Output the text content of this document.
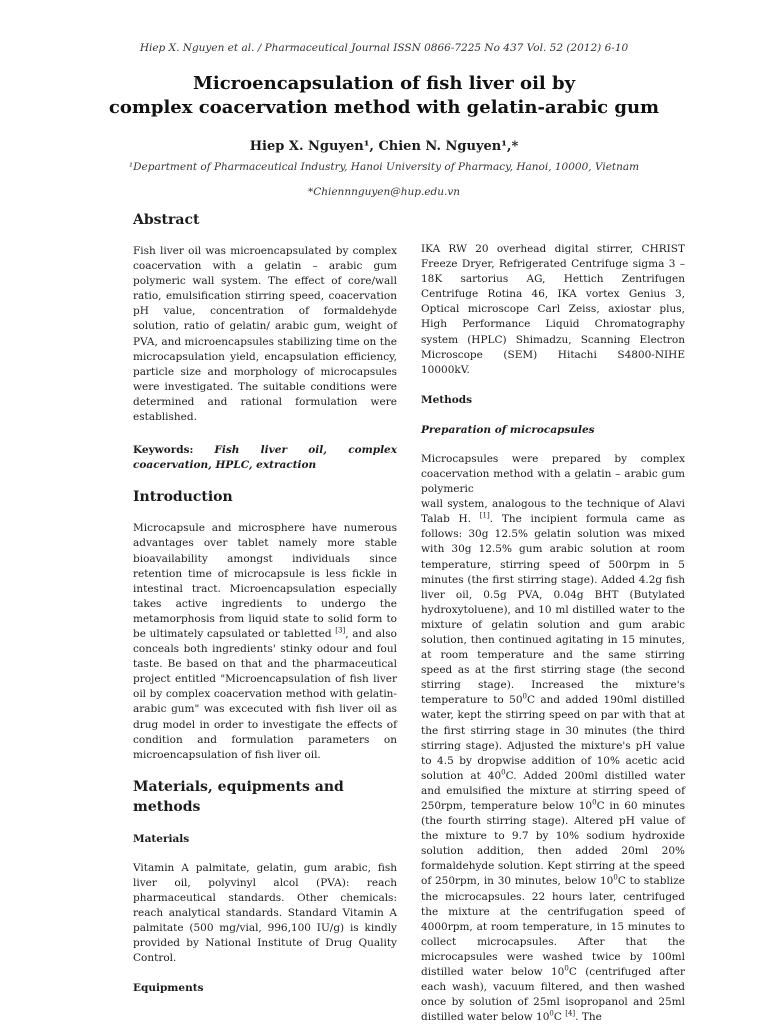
Hiep X. Nguyen et al. / Pharmaceutical Journal ISSN 0866-7225 No 437 Vol. 52 (2012) 6-10
Microencapsulation of fish liver oil by
complex coacervation method with gelatin-arabic gum
Hiep X. Nguyen¹, Chien N. Nguyen¹,*
¹Department of Pharmaceutical Industry, Hanoi University of Pharmacy, Hanoi, 10000, Vietnam
*Chiennnguyen@hup.edu.vn
Abstract

Fish liver oil was microencapsulated by complex coacervation with a gelatin – arabic gum polymeric wall system. The effect of core/wall ratio, emulsification stirring speed, coacervation pH value, concentration of formaldehyde solution, ratio of gelatin/ arabic gum, weight of PVA, and microencapsules stabilizing time on the microcapsulation yield, encapsulation efficiency, particle size and morphology of microcapsules were investigated. The suitable conditions were determined and rational formulation were established.

Keywords: Fish liver oil, complex coacervation, HPLC, extraction

Introduction

Microcapsule and microsphere have numerous advantages over tablet namely more stable bioavailability amongst individuals since retention time of microcapsule is less fickle in intestinal tract. Microencapsulation especially takes active ingredients to undergo the metamorphosis from liquid state to solid form to be ultimately capsulated or tabletted [3], and also conceals both ingredients' stinky odour and foul taste. Be based on that and the pharmaceutical project entitled "Microencapsulation of fish liver oil by complex coacervation method with gelatin-arabic gum" was excecuted with fish liver oil as drug model in order to investigate the effects of condition and formulation parameters on microencapsulation of fish liver oil.

Materials, equipments and methods
Materials

Vitamin A palmitate, gelatin, gum arabic, fish liver oil, polyvinyl alcol (PVA): reach pharmaceutical standards. Other chemicals: reach analytical standards. Standard Vitamin A palmitate (500 mg/vial, 996,100 IU/g) is kindly provided by National Institute of Drug Quality Control.

Equipments

IKA RW 20 overhead digital stirrer, CHRIST Freeze Dryer, Refrigerated Centrifuge sigma 3 – 18K sartorius AG, Hettich Zentrifugen Centrifuge Rotina 46, IKA vortex Genius 3, Optical microscope Carl Zeiss, axiostar plus, High Performance Liquid Chromatography system (HPLC) Shimadzu, Scanning Electron Microscope (SEM) Hitachi S4800-NIHE 10000kV.

Methods
Preparation of microcapsules

Microcapsules were prepared by complex coacervation method with a gelatin – arabic gum polymeric

wall system, analogous to the technique of Alavi Talab H. [1]. The incipient formula came as follows: 30g 12.5% gelatin solution was mixed with 30g 12.5% gum arabic solution at room temperature, stirring speed of 500rpm in 5 minutes (the first stirring stage). Added 4.2g fish liver oil, 0.5g PVA, 0.04g BHT (Butylated hydroxytoluene), and 10 ml distilled water to the mixture of gelatin solution and gum arabic solution, then continued agitating in 15 minutes, at room temperature and the same stirring speed as at the first stirring stage (the second stirring stage). Increased the mixture's temperature to $50^0C$ and added 190ml distilled water, kept the stirring speed on par with that at the first stirring stage in 30 minutes (the third stirring stage). Adjusted the mixture's pH value to 4.5 by dropwise addition of 10% acetic acid solution at $40^0C$. Added 200ml distilled water and emulsified the mixture at stirring speed of 250rpm, temperature below $10^0C$ in 60 minutes (the fourth stirring stage). Altered pH value of the mixture to 9.7 by 10% sodium hydroxide solution addition, then added 20ml 20% formaldehyde solution. Kept stirring at the speed of 250rpm, in 30 minutes, below $10^0C$ to stablize the microcapsules. 22 hours later, centrifuged the mixture at the centrifugation speed of 4000rpm, at room temperature, in 15 minutes to collect microcapsules. After that the microcapsules were washed twice by 100ml distilled water below $10^0C$ (centrifuged after each wash), vacuum filtered, and then washed once by solution of 25ml isopropanol and 25ml distilled water below $10^0C$ [4]. The
